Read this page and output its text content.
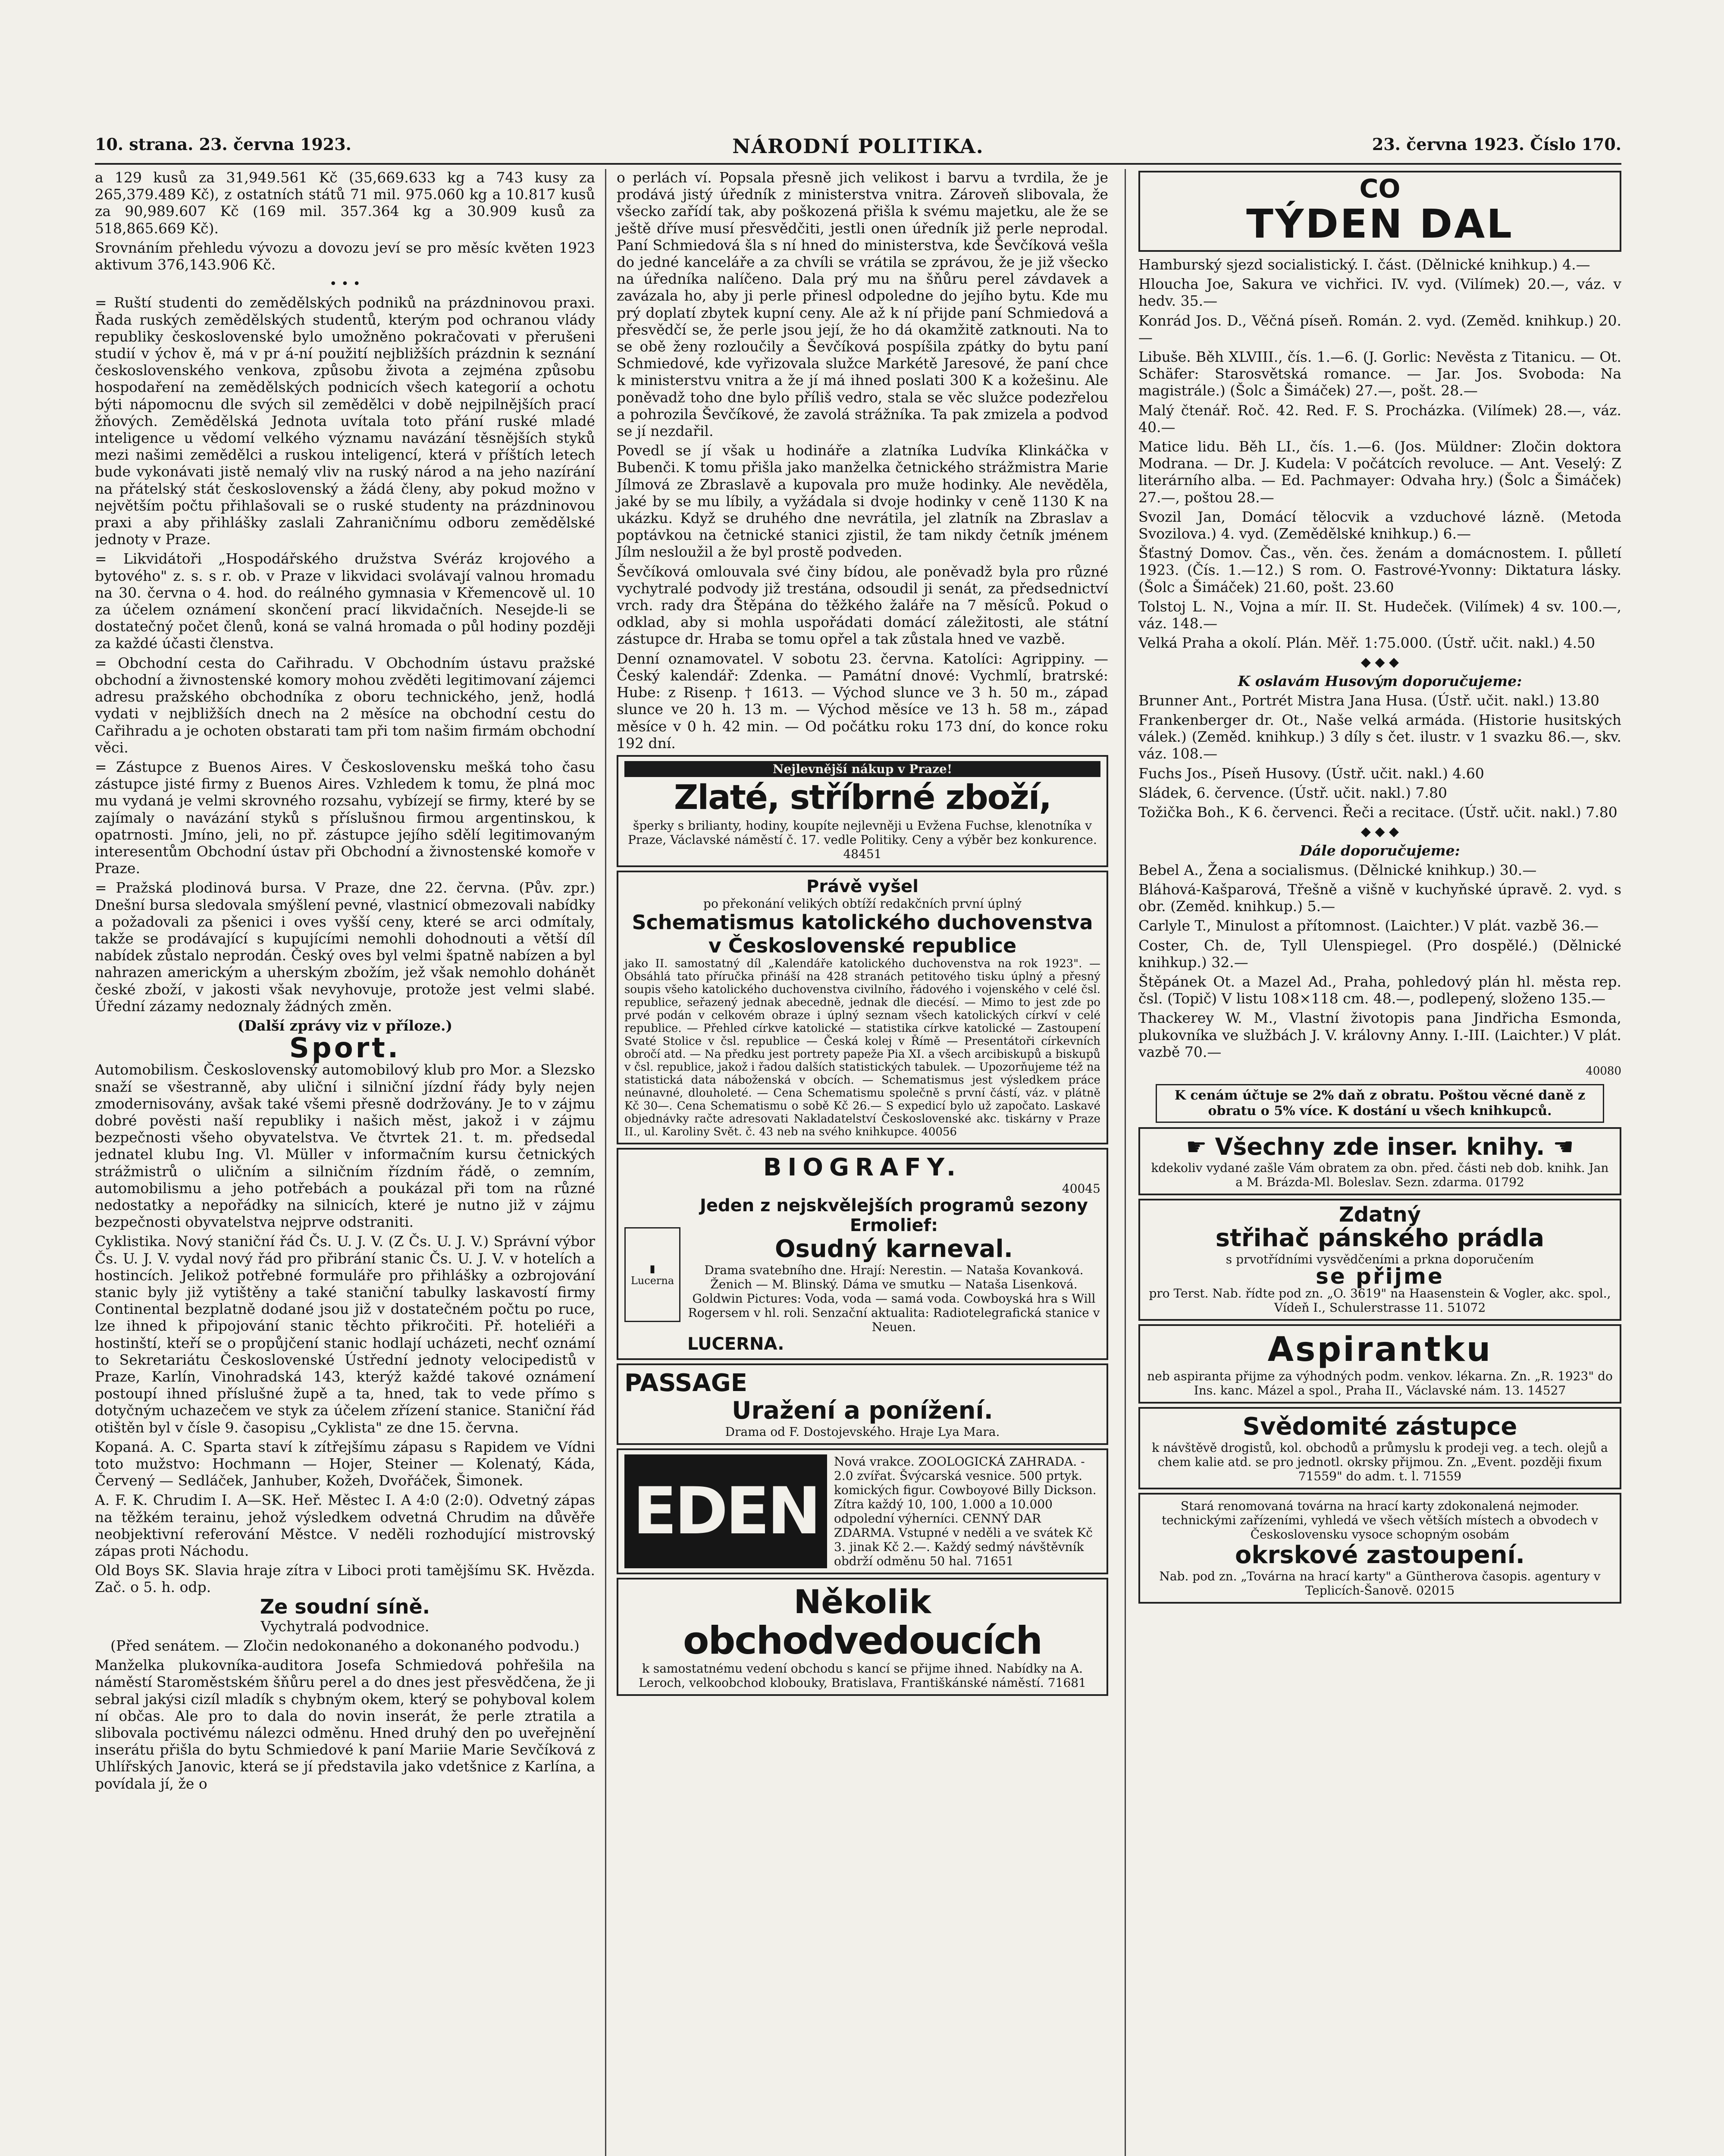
10. strana. 23. června 1923.	NÁRODNÍ POLITIKA.	23. června 1923. Číslo 170.

a 129 kusů za 31,949.561 Kč (35,669.633 kg a 743 kusy za 265,379.489 Kč), z ostatních států 71 mil. 975.060 kg a 10.817 kusů za 90,989.607 Kč (169 mil. 357.364 kg a 30.909 kusů za 518,865.669 Kč).

Srovnáním přehledu vývozu a dovozu jeví se pro měsíc květen 1923 aktivum 376,143.906 Kč.

• • •

= Ruští studenti do zemědělských podniků na prázdninovou praxi. Řada ruských zemědělských studentů, kterým pod ochranou vlády republiky československé bylo umožněno pokračovati v přerušeni studií v ýchov ě, má v pr á-ní použití nejbližších prázdnin k seznání československého venkova, způsobu života a zejména způsobu hospodaření na zemědělských podnicích všech kategorií a ochotu býti nápomocnu dle svých sil zemědělci v době nejpilnějších prací žňových. Zemědělská Jednota uvítala toto přání ruské mladé inteligence u vědomí velkého významu navázání těsnějších styků mezi našimi zemědělci a ruskou inteligencí, která v příštích letech bude vykonávati jistě nemalý vliv na ruský národ a na jeho nazírání na přátelský stát československý a žádá členy, aby pokud možno v největším počtu přihlašovali se o ruské studenty na prázdninovou praxi a aby přihlášky zaslali Zahraničnímu odboru zemědělské jednoty v Praze.

= Likvidátoři „Hospodářského družstva Svéráz krojového a bytového" z. s. s r. ob. v Praze v likvidaci svolávají valnou hromadu na 30. června o 4. hod. do reálného gymnasia v Křemencově ul. 10 za účelem oznámení skončení prací likvidačních. Nesejde-li se dostatečný počet členů, koná se valná hromada o půl hodiny později za každé účasti členstva.

= Obchodní cesta do Cařihradu. V Obchodním ústavu pražské obchodní a živnostenské komory mohou zvěděti legitimovaní zájemci adresu pražského obchodníka z oboru technického, jenž, hodlá vydati v nejbližších dnech na 2 měsíce na obchodní cestu do Cařihradu a je ochoten obstarati tam při tom našim firmám obchodní věci.

= Zástupce z Buenos Aires. V Československu mešká toho času zástupce jisté firmy z Buenos Aires. Vzhledem k tomu, že plná moc mu vydaná je velmi skrovného rozsahu, vybízejí se firmy, které by se zajímaly o navázání styků s příslušnou firmou argentinskou, k opatrnosti. Jmíno, jeli, no př. zástupce jejího sdělí legitimovaným interesentům Obchodní ústav při Obchodní a živnostenské komoře v Praze.

= Pražská plodinová bursa. V Praze, dne 22. června. (Pův. zpr.) Dnešní bursa sledovala smýšlení pevné, vlastnicí obmezovali nabídky a požadovali za pšenici i oves vyšší ceny, které se arci odmítaly, takže se prodávající s kupujícími nemohli dohodnouti a větší díl nabídek zůstalo neprodán. Český oves byl velmi špatně nabízen a byl nahrazen americkým a uherským zbožím, jež však nemohlo dohánět české zboží, v jakosti však nevyhovuje, protože jest velmi slabé. Úřední zázamy nedoznaly žádných změn.

(Další zprávy viz v příloze.)

Sport.

Automobilism. Československý automobilový klub pro Mor. a Slezsko snaží se všestranně, aby uliční i silniční jízdní řády byly nejen zmodernisovány, avšak také všemi přesně dodržovány. Je to v zájmu dobré pověsti naší republiky i našich měst, jakož i v zájmu bezpečnosti všeho obyvatelstva. Ve čtvrtek 21. t. m. předsedal jednatel klubu Ing. Vl. Müller v informačním kursu četnických strážmistrů o uličním a silničním řízdním řádě, o zemním, automobilismu a jeho potřebách a poukázal při tom na různé nedostatky a nepořádky na silnicích, které je nutno již v zájmu bezpečnosti obyvatelstva nejprve odstraniti.

Cyklistika. Nový staniční řád Čs. U. J. V. (Z Čs. U. J. V.) Správní výbor Čs. U. J. V. vydal nový řád pro přibrání stanic Čs. U. J. V. v hotelích a hostincích. Jelikož potřebné formuláře pro přihlášky a ozbrojování stanic byly již vytištěny a také staniční tabulky laskavostí firmy Continental bezplatně dodané jsou již v dostatečném počtu po ruce, lze ihned k připojování stanic těchto přikročiti. Př. hoteliéři a hostinští, kteří se o propůjčení stanic hodlají ucházeti, nechť oznámí to Sekretariátu Československé Ústřední jednoty velocipedistů v Praze, Karlín, Vinohradská 143, kterýž každé takové oznámení postoupí ihned příslušné župě a ta, hned, tak to vede přímo s dotyčným uchazečem ve styk za účelem zřízení stanice. Staniční řád otištěn byl v čísle 9. časopisu „Cyklista" ze dne 15. června.

Kopaná. A. C. Sparta staví k zítřejšímu zápasu s Rapidem ve Vídni toto mužstvo: Hochmann — Hojer, Steiner — Kolenatý, Káda, Červený — Sedláček, Janhuber, Kožeh, Dvořáček, Šimonek.

A. F. K. Chrudim I. A—SK. Heř. Městec I. A 4:0 (2:0). Odvetný zápas na těžkém terainu, jehož výsledkem odvetná Chrudim na důvěře neobjektivní referování Městce. V neděli rozhodující mistrovský zápas proti Náchodu.

Old Boys SK. Slavia hraje zítra v Liboci proti tamějšímu SK. Hvězda. Zač. o 5. h. odp.

Ze soudní síně.

Vychytralá podvodnice.

(Před senátem. — Zločin nedokonaného a dokonaného podvodu.)

Manželka plukovníka-auditora Josefa Schmiedová pohřešila na náměstí Staroměstském šňůru perel a do dnes jest přesvědčena, že ji sebral jakýsi cizíl mladík s chybným okem, který se pohyboval kolem ní občas. Ale pro to dala do novin inserát, že perle ztratila a slibovala poctivému nálezci odměnu. Hned druhý den po uveřejnění inserátu přišla do bytu Schmiedové k paní Mariie Marie Sevčíková z Uhlířských Janovic, která se jí představila jako vdetšnice z Karlína, a povídala jí, že o

o perlách ví. Popsala přesně jich velikost i barvu a tvrdila, že je prodává jistý úředník z ministerstva vnitra. Zároveň slibovala, že všecko zařídí tak, aby poškozená přišla k svému majetku, ale že se ještě dříve musí přesvědčiti, jestli onen úředník již perle neprodal. Paní Schmiedová šla s ní hned do ministerstva, kde Ševčíková vešla do jedné kanceláře a za chvíli se vrátila se zprávou, že je již všecko na úředníka nalíčeno. Dala prý mu na šňůru perel závdavek a zavázala ho, aby ji perle přinesl odpoledne do jejího bytu. Kde mu prý doplatí zbytek kupní ceny. Ale až k ní přijde paní Schmiedová a přesvědčí se, že perle jsou její, že ho dá okamžitě zatknouti. Na to se obě ženy rozloučily a Ševčíková pospíšila zpátky do bytu paní Schmiedové, kde vyřizovala služce Markétě Jaresové, že paní chce k ministerstvu vnitra a že jí má ihned poslati 300 K a kožešinu. Ale poněvadž toho dne bylo příliš vedro, stala se věc služce podezřelou a pohrozila Ševčíkové, že zavolá strážníka. Ta pak zmizela a podvod se jí nezdařil.

Povedl se jí však u hodináře a zlatníka Ludvíka Klinkáčka v Bubenči. K tomu přišla jako manželka četnického strážmistra Marie Jílmová ze Zbraslavě a kupovala pro muže hodinky. Ale nevěděla, jaké by se mu líbily, a vyžádala si dvoje hodinky v ceně 1130 K na ukázku. Když se druhého dne nevrátila, jel zlatník na Zbraslav a poptávkou na četnické stanici zjistil, že tam nikdy četník jménem Jílm nesloužil a že byl prostě podveden.

Ševčíková omlouvala své činy bídou, ale poněvadž byla pro různé vychytralé podvody již trestána, odsoudil ji senát, za předsednictví vrch. rady dra Štěpána do těžkého žaláře na 7 měsíců. Pokud o odklad, aby si mohla uspořádati domácí záležitosti, ale státní zástupce dr. Hraba se tomu opřel a tak zůstala hned ve vazbě.

Denní oznamovatel. V sobotu 23. června. Katolíci: Agrippiny. — Český kalendář: Zdenka. — Památní dnové: Vychmlí, bratrské: Hube: z Risenp. † 1613. — Východ slunce ve 3 h. 50 m., západ slunce ve 20 h. 13 m. — Východ měsíce ve 13 h. 58 m., západ měsíce v 0 h. 42 min. — Od počátku roku 173 dní, do konce roku 192 dní.

Nejlevnější nákup v Praze!
Zlaté, stříbrné zboží,
šperky s brilianty, hodiny, koupíte nejlevněji u Evžena Fuchse, klenotníka v Praze, Václavské náměstí č. 17. vedle Politiky. Ceny a výběr bez konkurence. 48451
Právě vyšel
po překonání velikých obtíží redakčních první úplný
Schematismus katolického duchovenstva v Československé republice
jako II. samostatný díl „Kalendáře katolického duchovenstva na rok 1923". — Obsáhlá tato příručka přináší na 428 stranách petitového tisku úplný a přesný soupis všeho katolického duchovenstva civilního, řádového i vojenského v celé čsl. republice, seřazený jednak abecedně, jednak dle diecésí. — Mimo to jest zde po prvé podán v celkovém obraze i úplný seznam všech katolických církví v celé republice. — Přehled církve katolické — statistika církve katolické — Zastoupení Svaté Stolice v čsl. republice — Česká kolej v Římě — Presentátoři církevních obročí atd. — Na předku jest portrety papeže Pia XI. a všech arcibiskupů a biskupů v čsl. republice, jakož i řadou dalších statistických tabulek. — Upozorňujeme též na statistická data náboženská v obcích. — Schematismus jest výsledkem práce neúnavné, dlouholeté. — Cena Schematismu společně s první částí, váz. v plátně Kč 30—. Cena Schematismu o sobě Kč 26.— S expedicí bylo už započato. Laskavé objednávky račte adresovati Nakladatelství Československé akc. tiskárny v Praze II., ul. Karoliny Svět. č. 43 neb na svého knihkupce. 40056
BIOGRAFY.
40045
▮
Lucerna
Jeden z nejskvělejších programů sezony Ermolief:
Osudný karneval.
Drama svatebního dne. Hrají: Nerestin. — Nataša Kovanková. Ženich — M. Blinský. Dáma ve smutku — Nataša Lisenková. Goldwin Pictures: Voda, voda — samá voda. Cowboyská hra s Will Rogersem v hl. roli. Senzační aktualita: Radiotelegrafická stanice v Neuen.
LUCERNA.
PASSAGE
Uražení a ponížení.
Drama od F. Dostojevského. Hraje Lya Mara.
EDEN
Nová vrakce. ZOOLOGICKÁ ZAHRADA. - 2.0 zvířat. Švýcarská vesnice. 500 prtyk. komických figur. Cowboyové Billy Dickson. Zítra každý 10, 100, 1.000 a 10.000 odpolední výherníci. CENNÝ DAR ZDARMA. Vstupné v neděli a ve svátek Kč 3. jinak Kč 2.—. Každý sedmý návštěvník obdrží odměnu 50 hal. 71651
Několik
obchodvedoucích
k samostatnému vedení obchodu s kancí se přijme ihned. Nabídky na A. Leroch, velkoobchod klobouky, Bratislava, Františkánské náměstí. 71681
CO
TÝDEN DAL

Hamburský sjezd socialistický. I. část. (Dělnické knihkup.) 4.—

Hloucha Joe, Sakura ve vichřici. IV. vyd. (Vilímek) 20.—, váz. v hedv. 35.—

Konrád Jos. D., Věčná píseň. Román. 2. vyd. (Zeměd. knihkup.) 20.—

Libuše. Běh XLVIII., čís. 1.—6. (J. Gorlic: Nevěsta z Titanicu. — Ot. Schäfer: Starosvětská romance. — Jar. Jos. Svoboda: Na magistrále.) (Šolc a Šimáček) 27.—, pošt. 28.—

Malý čtenář. Roč. 42. Red. F. S. Procházka. (Vilímek) 28.—, váz. 40.—

Matice lidu. Běh LI., čís. 1.—6. (Jos. Müldner: Zločin doktora Modrana. — Dr. J. Kudela: V počátcích revoluce. — Ant. Veselý: Z literárního alba. — Ed. Pachmayer: Odvaha hry.) (Šolc a Šimáček) 27.—, poštou 28.—

Svozil Jan, Domácí tělocvik a vzduchové lázně. (Metoda Svozilova.) 4. vyd. (Zemědělské knihkup.) 6.—

Šťastný Domov. Čas., věn. čes. ženám a domácnostem. I. půlletí 1923. (Čís. 1.—12.) S rom. O. Fastrové-Yvonny: Diktatura lásky. (Šolc a Šimáček) 21.60, pošt. 23.60

Tolstoj L. N., Vojna a mír. II. St. Hudeček. (Vilímek) 4 sv. 100.—, váz. 148.—

Velká Praha a okolí. Plán. Měř. 1:75.000. (Ústř. učit. nakl.) 4.50

◆ ◆ ◆

K oslavám Husovým doporučujeme:

Brunner Ant., Portrét Mistra Jana Husa. (Ústř. učit. nakl.) 13.80

Frankenberger dr. Ot., Naše velká armáda. (Historie husitských válek.) (Zeměd. knihkup.) 3 díly s čet. ilustr. v 1 svazku 86.—, skv. váz. 108.—

Fuchs Jos., Píseň Husovy. (Ústř. učit. nakl.) 4.60

Sládek, 6. července. (Ústř. učit. nakl.) 7.80

Tožička Boh., K 6. červenci. Řeči a recitace. (Ústř. učit. nakl.) 7.80

◆ ◆ ◆

Dále doporučujeme:

Bebel A., Žena a socialismus. (Dělnické knihkup.) 30.—

Bláhová-Kašparová, Třešně a višně v kuchyňské úpravě. 2. vyd. s obr. (Zeměd. knihkup.) 5.—

Carlyle T., Minulost a přítomnost. (Laichter.) V plát. vazbě 36.—

Coster, Ch. de, Tyll Ulenspiegel. (Pro dospělé.) (Dělnické knihkup.) 32.—

Štěpánek Ot. a Mazel Ad., Praha, pohledový plán hl. města rep. čsl. (Topič) V listu 108×118 cm. 48.—, podlepený, složeno 135.—

Thackerey W. M., Vlastní životopis pana Jindřicha Esmonda, plukovníka ve službách J. V. královny Anny. I.-III. (Laichter.) V plát. vazbě 70.—

40080

K cenám účtuje se 2% daň z obratu. Poštou věcné daně z obratu o 5% více. K dostání u všech knihkupců.
☛ Všechny zde inser. knihy. ☚
kdekoliv vydané zašle Vám obratem za obn. před. části neb dob. knihk. Jan a M. Brázda-Ml. Boleslav. Sezn. zdarma. 01792
Zdatný
střihač pánského prádla
s prvotřídními vysvědčeními a prkna doporučením
se přijme
pro Terst. Nab. řídte pod zn. „O. 3619" na Haasenstein & Vogler, akc. spol., Vídeň I., Schulerstrasse 11. 51072
Aspirantku
neb aspiranta přijme za výhodných podm. venkov. lékarna. Zn. „R. 1923" do Ins. kanc. Mázel a spol., Praha II., Václavské nám. 13. 14527
Svědomité zástupce
k návštěvě drogistů, kol. obchodů a průmyslu k prodeji veg. a tech. olejů a chem kalie atd. se pro jednotl. okrsky přijmou. Zn. „Event. později fixum 71559" do adm. t. l. 71559
Stará renomovaná továrna na hrací karty zdokonalená nejmoder. technickými zařízeními, vyhledá ve všech větších místech a obvodech v Československu vysoce schopným osobám
okrskové zastoupení.
Nab. pod zn. „Továrna na hrací karty" a Güntherova časopis. agentury v Teplicích-Šanově. 02015
